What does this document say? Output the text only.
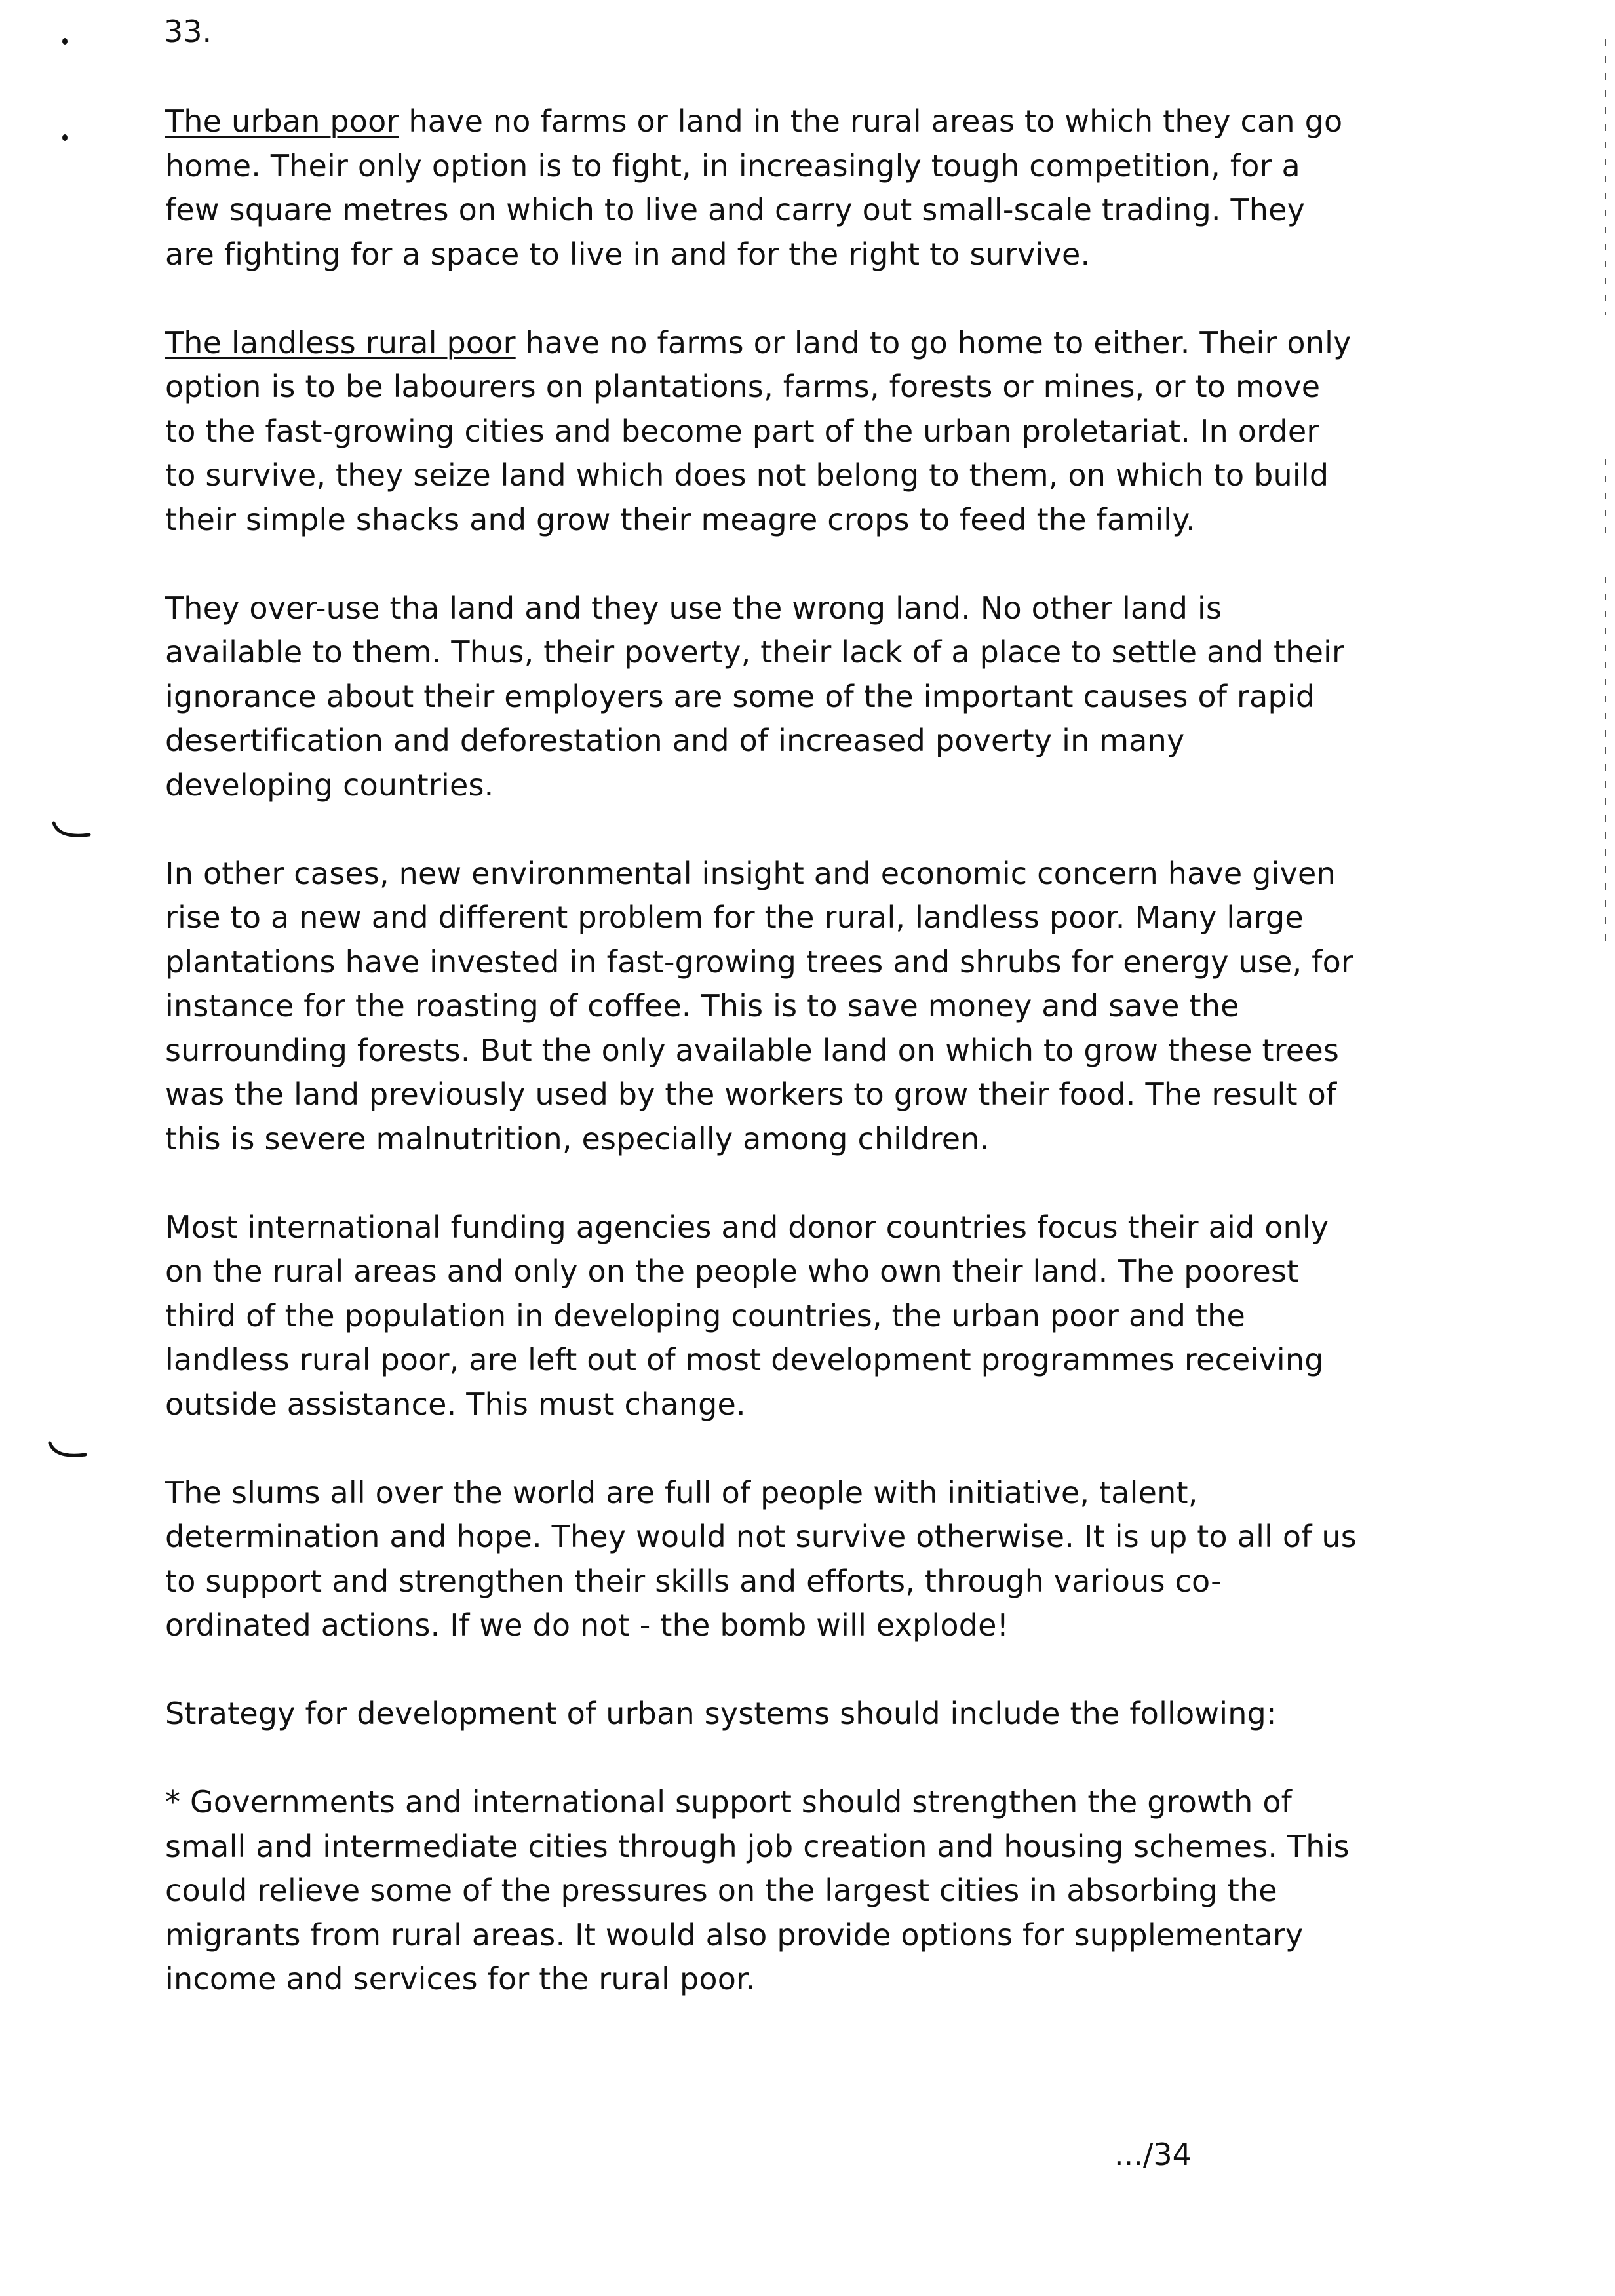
33.

The urban poor have no farms or land in the rural areas to which they can go home. Their only option is to fight, in increasingly tough competition, for a few square metres on which to live and carry out small-scale trading. They are fighting for a space to live in and for the right to survive.

The landless rural poor have no farms or land to go home to either. Their only option is to be labourers on plantations, farms, forests or mines, or to move to the fast-growing cities and become part of the urban proletariat. In order to survive, they seize land which does not belong to them, on which to build their simple shacks and grow their meagre crops to feed the family.

They over-use tha land and they use the wrong land. No other land is available to them. Thus, their poverty, their lack of a place to settle and their ignorance about their employers are some of the important causes of rapid desertification and deforestation and of increased poverty in many developing countries.

In other cases, new environmental insight and economic concern have given rise to a new and different problem for the rural, landless poor. Many large plantations have invested in fast-growing trees and shrubs for energy use, for instance for the roasting of coffee. This is to save money and save the surrounding forests. But the only available land on which to grow these trees was the land previously used by the workers to grow their food. The result of this is severe malnutrition, especially among children.

Most international funding agencies and donor countries focus their aid only on the rural areas and only on the people who own their land. The poorest third of the population in developing countries, the urban poor and the landless rural poor, are left out of most development programmes receiving outside assistance. This must change.

The slums all over the world are full of people with initiative, talent, determination and hope. They would not survive otherwise. It is up to all of us to support and strengthen their skills and efforts, through various co-ordinated actions. If we do not - the bomb will explode!

Strategy for development of urban systems should include the following:

* Governments and international support should strengthen the growth of small and intermediate cities through job creation and housing schemes. This could relieve some of the pressures on the largest cities in absorbing the migrants from rural areas. It would also provide options for supplementary income and services for the rural poor.

.../34
